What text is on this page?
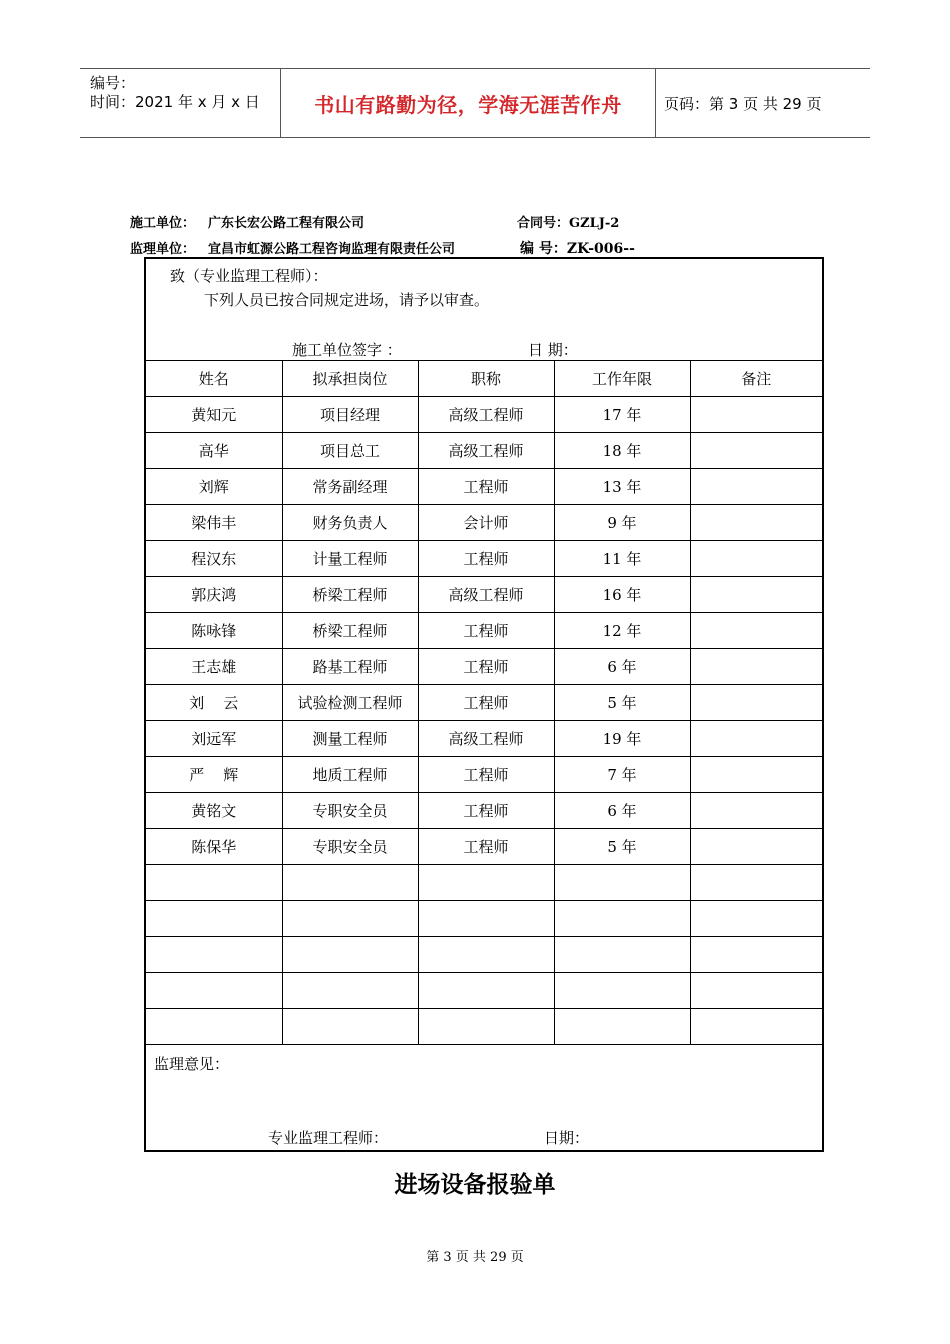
编号：
时间：2021 年 x 月 x 日	书山有路勤为径，学海无涯苦作舟	页码：第 3 页 共 29 页
施工单位： 广东长宏公路工程有限公司	合同号：GZLJ-2
监理单位： 宜昌市虹源公路工程咨询监理有限责任公司	编 号：ZK-006--
致（专业监理工程师）：
下列人员已按合同规定进场，请予以审查。
施工单位签字 ：	日 期：
姓名	拟承担岗位	职称	工作年限	备注
黄知元	项目经理	高级工程师	17 年	
高华	项目总工	高级工程师	18 年	
刘辉	常务副经理	工程师	13 年	
梁伟丰	财务负责人	会计师	9 年	
程汉东	计量工程师	工程师	11 年	
郭庆鸿	桥梁工程师	高级工程师	16 年	
陈咏锋	桥梁工程师	工程师	12 年	
王志雄	路基工程师	工程师	6 年	
刘    云	试验检测工程师	工程师	5 年	
刘远军	测量工程师	高级工程师	19 年	
严    辉	地质工程师	工程师	7 年	
黄铭文	专职安全员	工程师	6 年	
陈保华	专职安全员	工程师	5 年	

监理意见：
专业监理工程师：	日期：
进场设备报验单
第 3 页 共 29 页
